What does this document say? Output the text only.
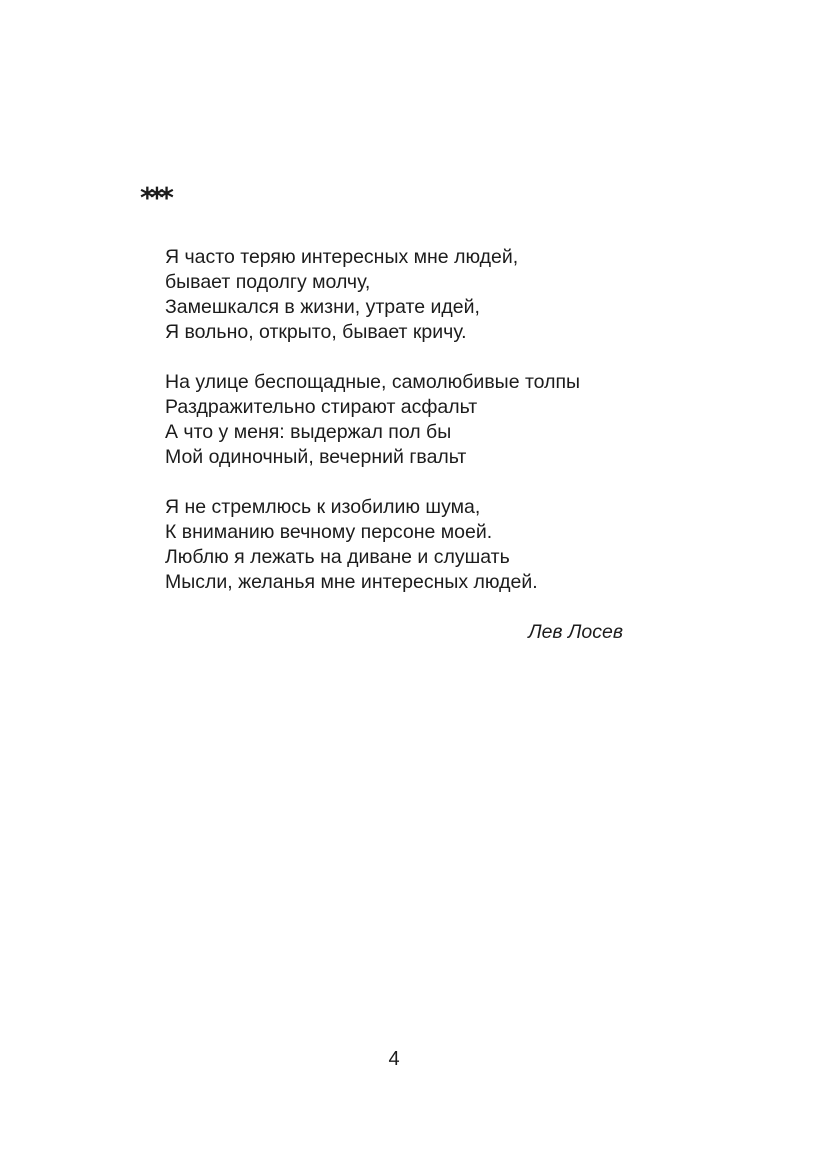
***
Я часто теряю интересных мне людей,
бывает подолгу молчу,
Замешкался в жизни, утрате идей,
Я вольно, открыто, бывает кричу.
На улице беспощадные, самолюбивые толпы
Раздражительно стирают асфальт
А что у меня: выдержал пол бы
Мой одиночный, вечерний гвальт
Я не стремлюсь к изобилию шума,
К вниманию вечному персоне моей.
Люблю я лежать на диване и слушать
Мысли, желанья мне интересных людей.
Лев Лосев
4
